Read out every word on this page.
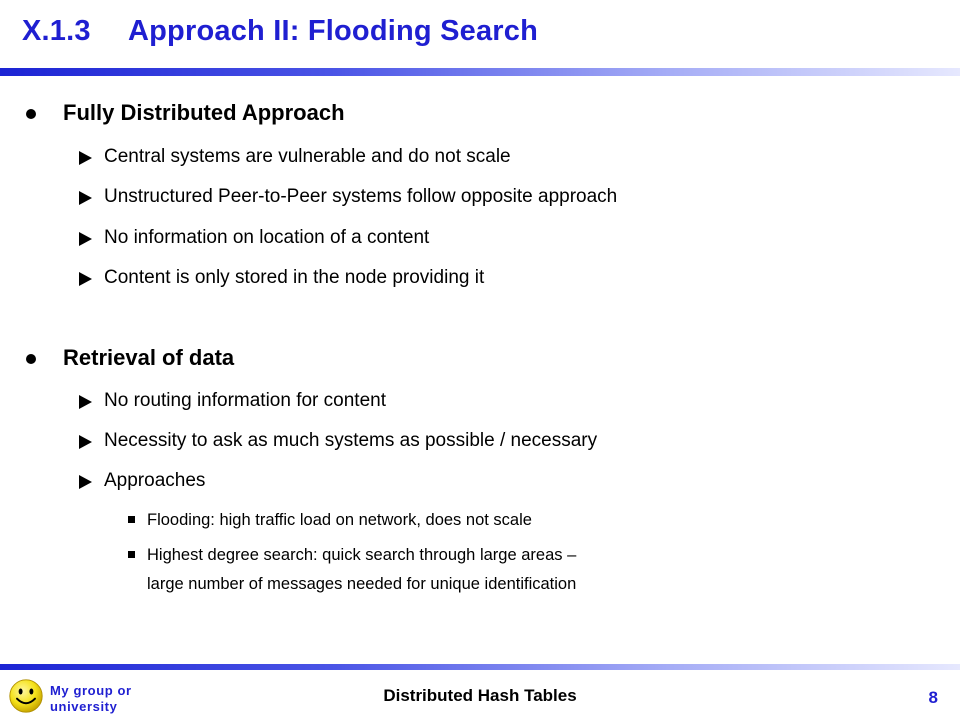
X.1.3 Approach II: Flooding Search
Fully Distributed Approach
Central systems are vulnerable and do not scale
Unstructured Peer-to-Peer systems follow opposite approach
No information on location of a content
Content is only stored in the node providing it
Retrieval of data
No routing information for content
Necessity to ask as much systems as possible / necessary
Approaches
Flooding: high traffic load on network, does not scale
Highest degree search: quick search through large areas –
large number of messages needed for unique identification
My group or
university
Distributed Hash Tables	8
